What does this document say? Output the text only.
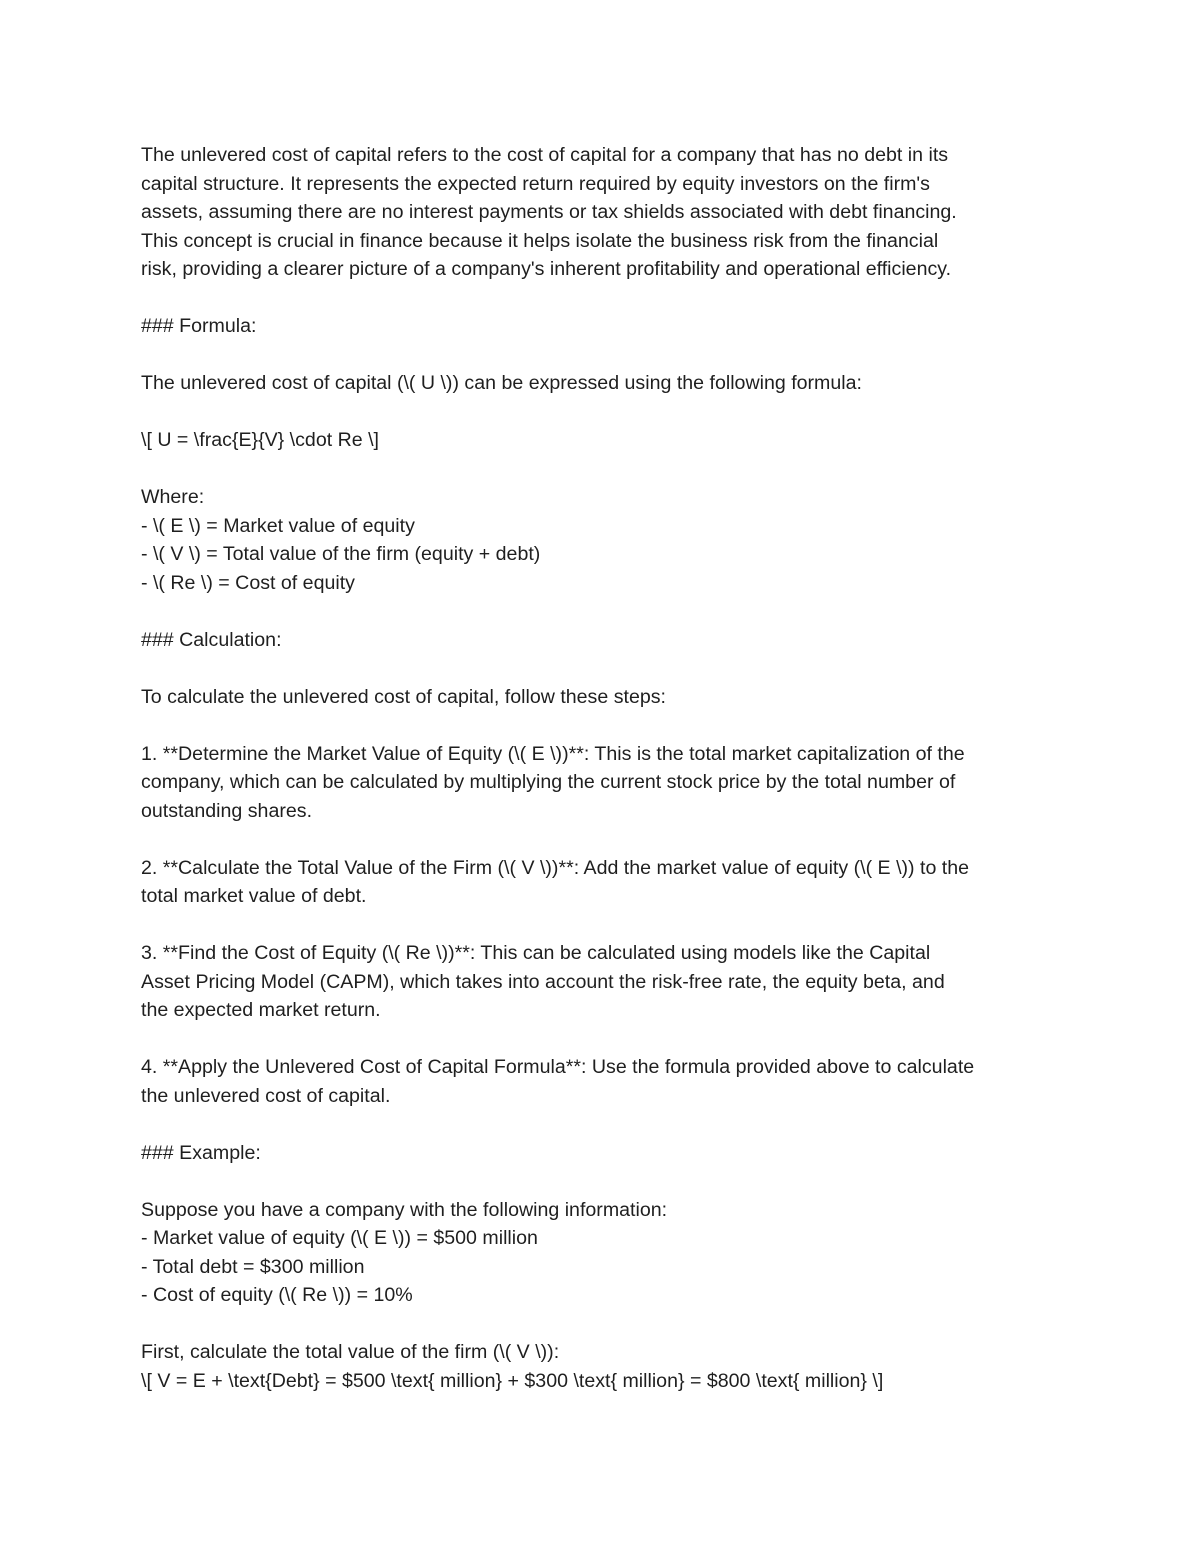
The unlevered cost of capital refers to the cost of capital for a company that has no debt in its
capital structure. It represents the expected return required by equity investors on the firm's
assets, assuming there are no interest payments or tax shields associated with debt financing.
This concept is crucial in finance because it helps isolate the business risk from the financial
risk, providing a clearer picture of a company's inherent profitability and operational efficiency.
### Formula:
The unlevered cost of capital (\( U \)) can be expressed using the following formula:
\[ U = \frac{E}{V} \cdot Re \]
Where:
- \( E \) = Market value of equity
- \( V \) = Total value of the firm (equity + debt)
- \( Re \) = Cost of equity
### Calculation:
To calculate the unlevered cost of capital, follow these steps:
1. **Determine the Market Value of Equity (\( E \))**: This is the total market capitalization of the
company, which can be calculated by multiplying the current stock price by the total number of
outstanding shares.
2. **Calculate the Total Value of the Firm (\( V \))**: Add the market value of equity (\( E \)) to the
total market value of debt.
3. **Find the Cost of Equity (\( Re \))**: This can be calculated using models like the Capital
Asset Pricing Model (CAPM), which takes into account the risk-free rate, the equity beta, and
the expected market return.
4. **Apply the Unlevered Cost of Capital Formula**: Use the formula provided above to calculate
the unlevered cost of capital.
### Example:
Suppose you have a company with the following information:
- Market value of equity (\( E \)) = $500 million
- Total debt = $300 million
- Cost of equity (\( Re \)) = 10%
First, calculate the total value of the firm (\( V \)):
\[ V = E + \text{Debt} = $500 \text{ million} + $300 \text{ million} = $800 \text{ million} \]
